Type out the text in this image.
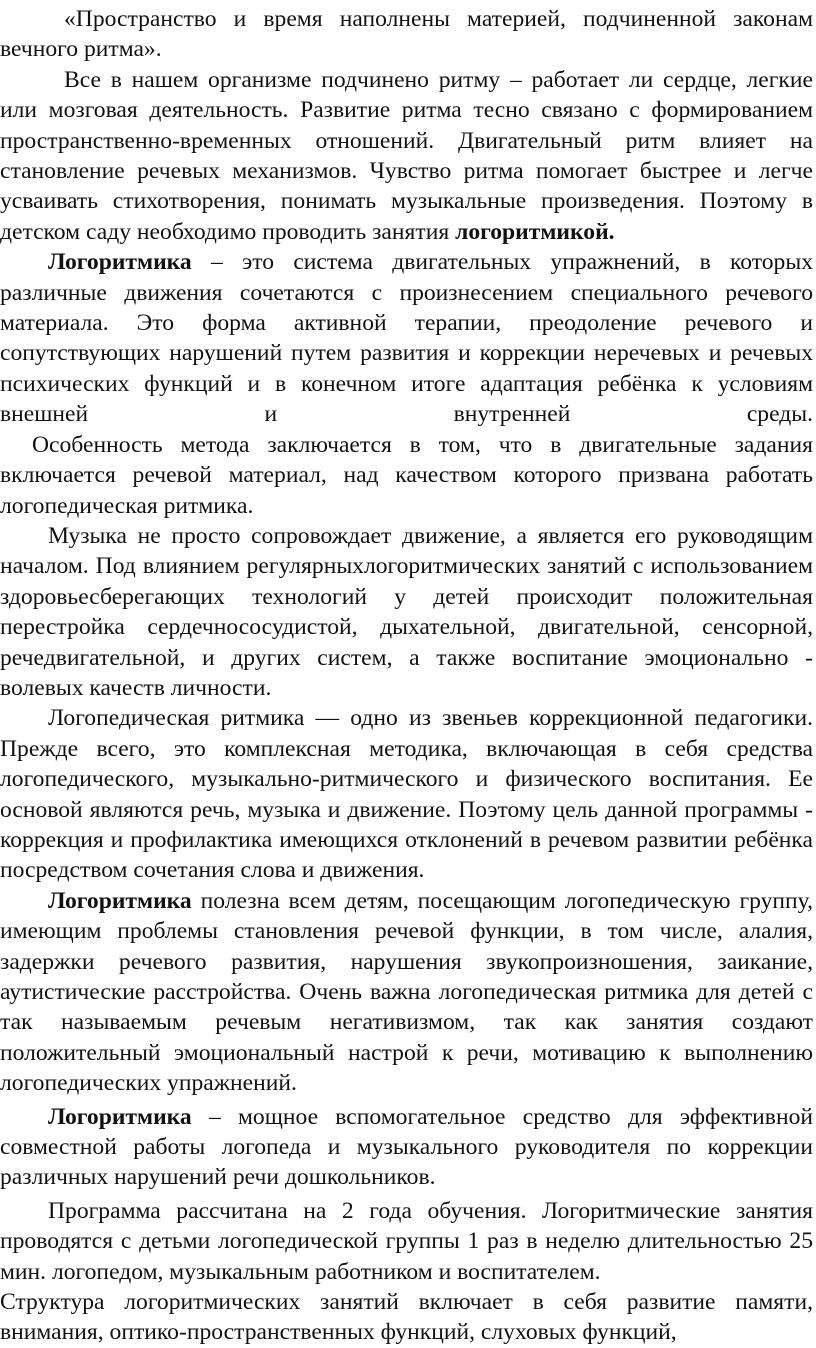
«Пространство и время наполнены материей, подчиненной законам вечного ритма».

Все в нашем организме подчинено ритму – работает ли сердце, легкие или мозговая деятельность. Развитие ритма тесно связано с формированием пространственно-временных отношений. Двигательный ритм влияет на становление речевых механизмов. Чувство ритма помогает быстрее и легче усваивать стихотворения, понимать музыкальные произведения. Поэтому в детском саду необходимо проводить занятия логоритмикой.

Логоритмика – это система двигательных упражнений, в которых различные движения сочетаются с произнесением специального речевого материала. Это форма активной терапии, преодоление речевого и сопутствующих нарушений путем развития и коррекции неречевых и речевых психических функций и в конечном итоге адаптация ребёнка к условиям внешней и внутренней среды.

Особенность метода заключается в том, что в двигательные задания включается речевой материал, над качеством которого призвана работать логопедическая ритмика.

Музыка не просто сопровождает движение, а является его руководящим началом. Под влиянием регулярныхлогоритмических занятий с использованием здоровьесберегающих технологий у детей происходит положительная перестройка сердечнососудистой, дыхательной, двигательной, сенсорной, речедвигательной, и других систем, а также воспитание эмоционально - волевых качеств личности.

Логопедическая ритмика — одно из звеньев коррекционной педагогики. Прежде всего, это комплексная методика, включающая в себя средства логопедического, музыкально-ритмического и физического воспитания. Ее основой являются речь, музыка и движение. Поэтому цель данной программы - коррекция и профилактика имеющихся отклонений в речевом развитии ребёнка посредством сочетания слова и движения.

Логоритмика полезна всем детям, посещающим логопедическую группу, имеющим проблемы становления речевой функции, в том числе, алалия, задержки речевого развития, нарушения звукопроизношения, заикание, аутистические расстройства. Очень важна логопедическая ритмика для детей с так называемым речевым негативизмом, так как занятия создают положительный эмоциональный настрой к речи, мотивацию к выполнению логопедических упражнений.

Логоритмика – мощное вспомогательное средство для эффективной совместной работы логопеда и музыкального руководителя по коррекции различных нарушений речи дошкольников.

Программа рассчитана на 2 года обучения. Логоритмические занятия проводятся с детьми логопедической группы 1 раз в неделю длительностью 25 мин. логопедом, музыкальным работником и воспитателем.

Структура логоритмических занятий включает в себя развитие памяти, внимания, оптико-пространственных функций, слуховых функций,
